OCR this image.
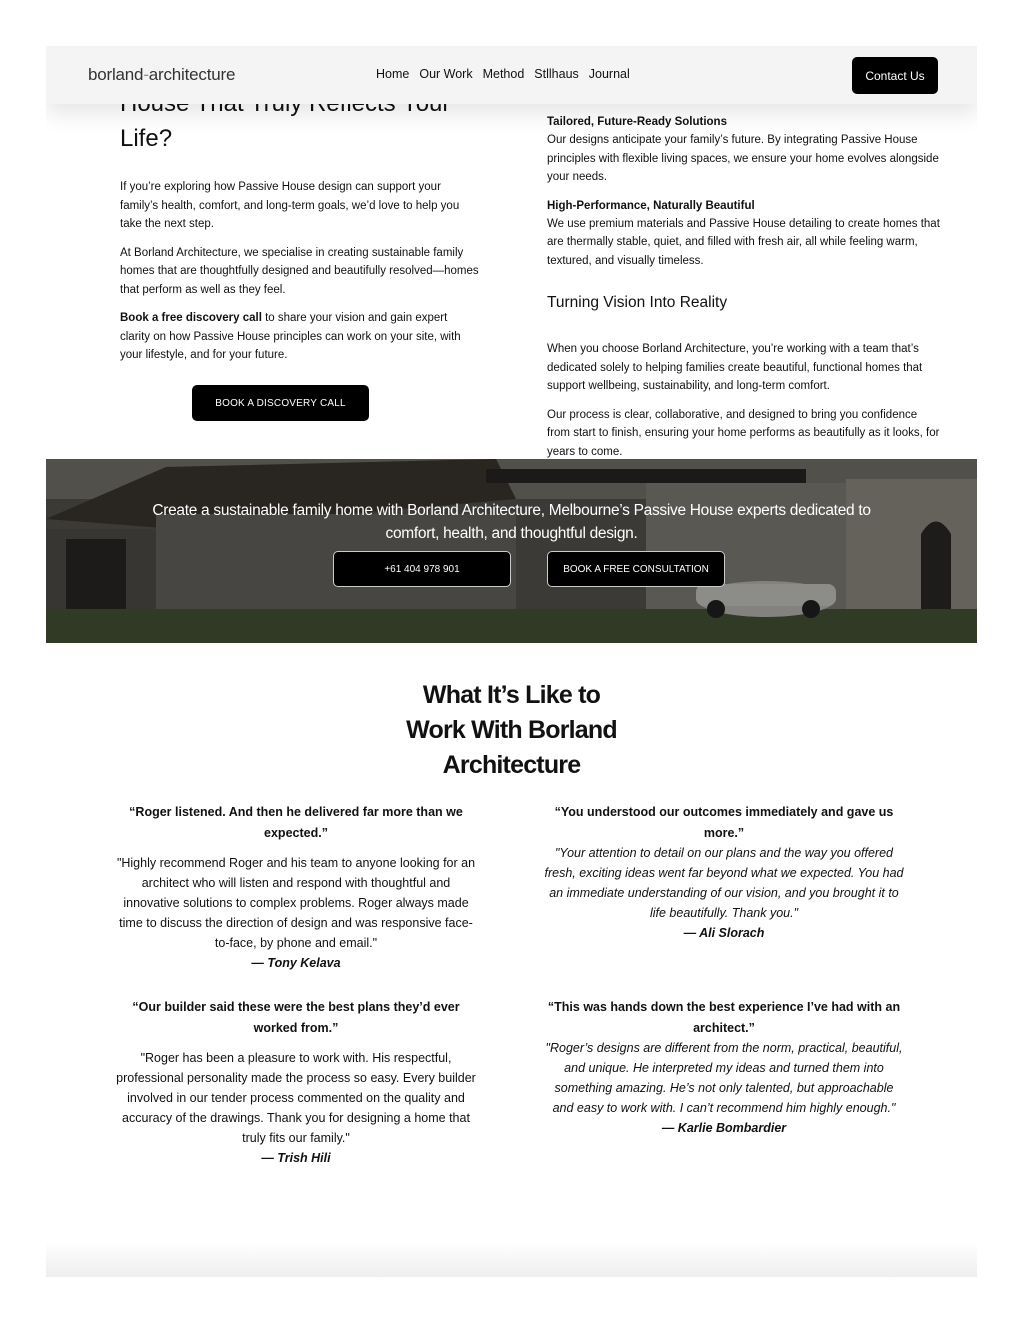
Life?

If you’re exploring how Passive House design can support your family’s health, comfort, and long-term goals, we’d love to help you take the next step.

At Borland Architecture, we specialise in creating sustainable family homes that are thoughtfully designed and beautifully resolved—homes that perform as well as they feel.

Book a free discovery call to share your vision and gain expert clarity on how Passive House principles can work on your site, with your lifestyle, and for your future.

BOOK A DISCOVERY CALL
Tailored, Future-Ready Solutions
Our designs anticipate your family’s future. By integrating Passive House principles with flexible living spaces, we ensure your home evolves alongside your needs.
High-Performance, Naturally Beautiful
We use premium materials and Passive House detailing to create homes that are thermally stable, quiet, and filled with fresh air, all while feeling warm, textured, and visually timeless.
Turning Vision Into Reality
When you choose Borland Architecture, you’re working with a team that’s dedicated solely to helping families create beautiful, functional homes that support wellbeing, sustainability, and long-term comfort.
Our process is clear, collaborative, and designed to bring you confidence from start to finish, ensuring your home performs as beautifully as it looks, for years to come.
Create a sustainable family home with Borland Architecture, Melbourne’s Passive House experts dedicated to comfort, health, and thoughtful design.
+61 404 978 901	BOOK A FREE CONSULTATION
What It’s Like to
Work With Borland
Architecture
“Roger listened. And then he delivered far more than we expected.”
"Highly recommend Roger and his team to anyone looking for an architect who will listen and respond with thoughtful and innovative solutions to complex problems. Roger always made time to discuss the direction of design and was responsive face-to-face, by phone and email."
— Tony Kelava
“You understood our outcomes immediately and gave us more.”
"Your attention to detail on our plans and the way you offered fresh, exciting ideas went far beyond what we expected. You had an immediate understanding of our vision, and you brought it to life beautifully. Thank you."
— Ali Slorach
“Our builder said these were the best plans they’d ever worked from.”
"Roger has been a pleasure to work with. His respectful, professional personality made the process so easy. Every builder involved in our tender process commented on the quality and accuracy of the drawings. Thank you for designing a home that truly fits our family."
— Trish Hili
“This was hands down the best experience I’ve had with an architect.”
"Roger’s designs are different from the norm, practical, beautiful, and unique. He interpreted my ideas and turned them into something amazing. He’s not only talented, but approachable and easy to work with. I can’t recommend him highly enough."
— Karlie Bombardier
borland-architecture	Home Our Work Method Stllhaus Journal	Contact Us
